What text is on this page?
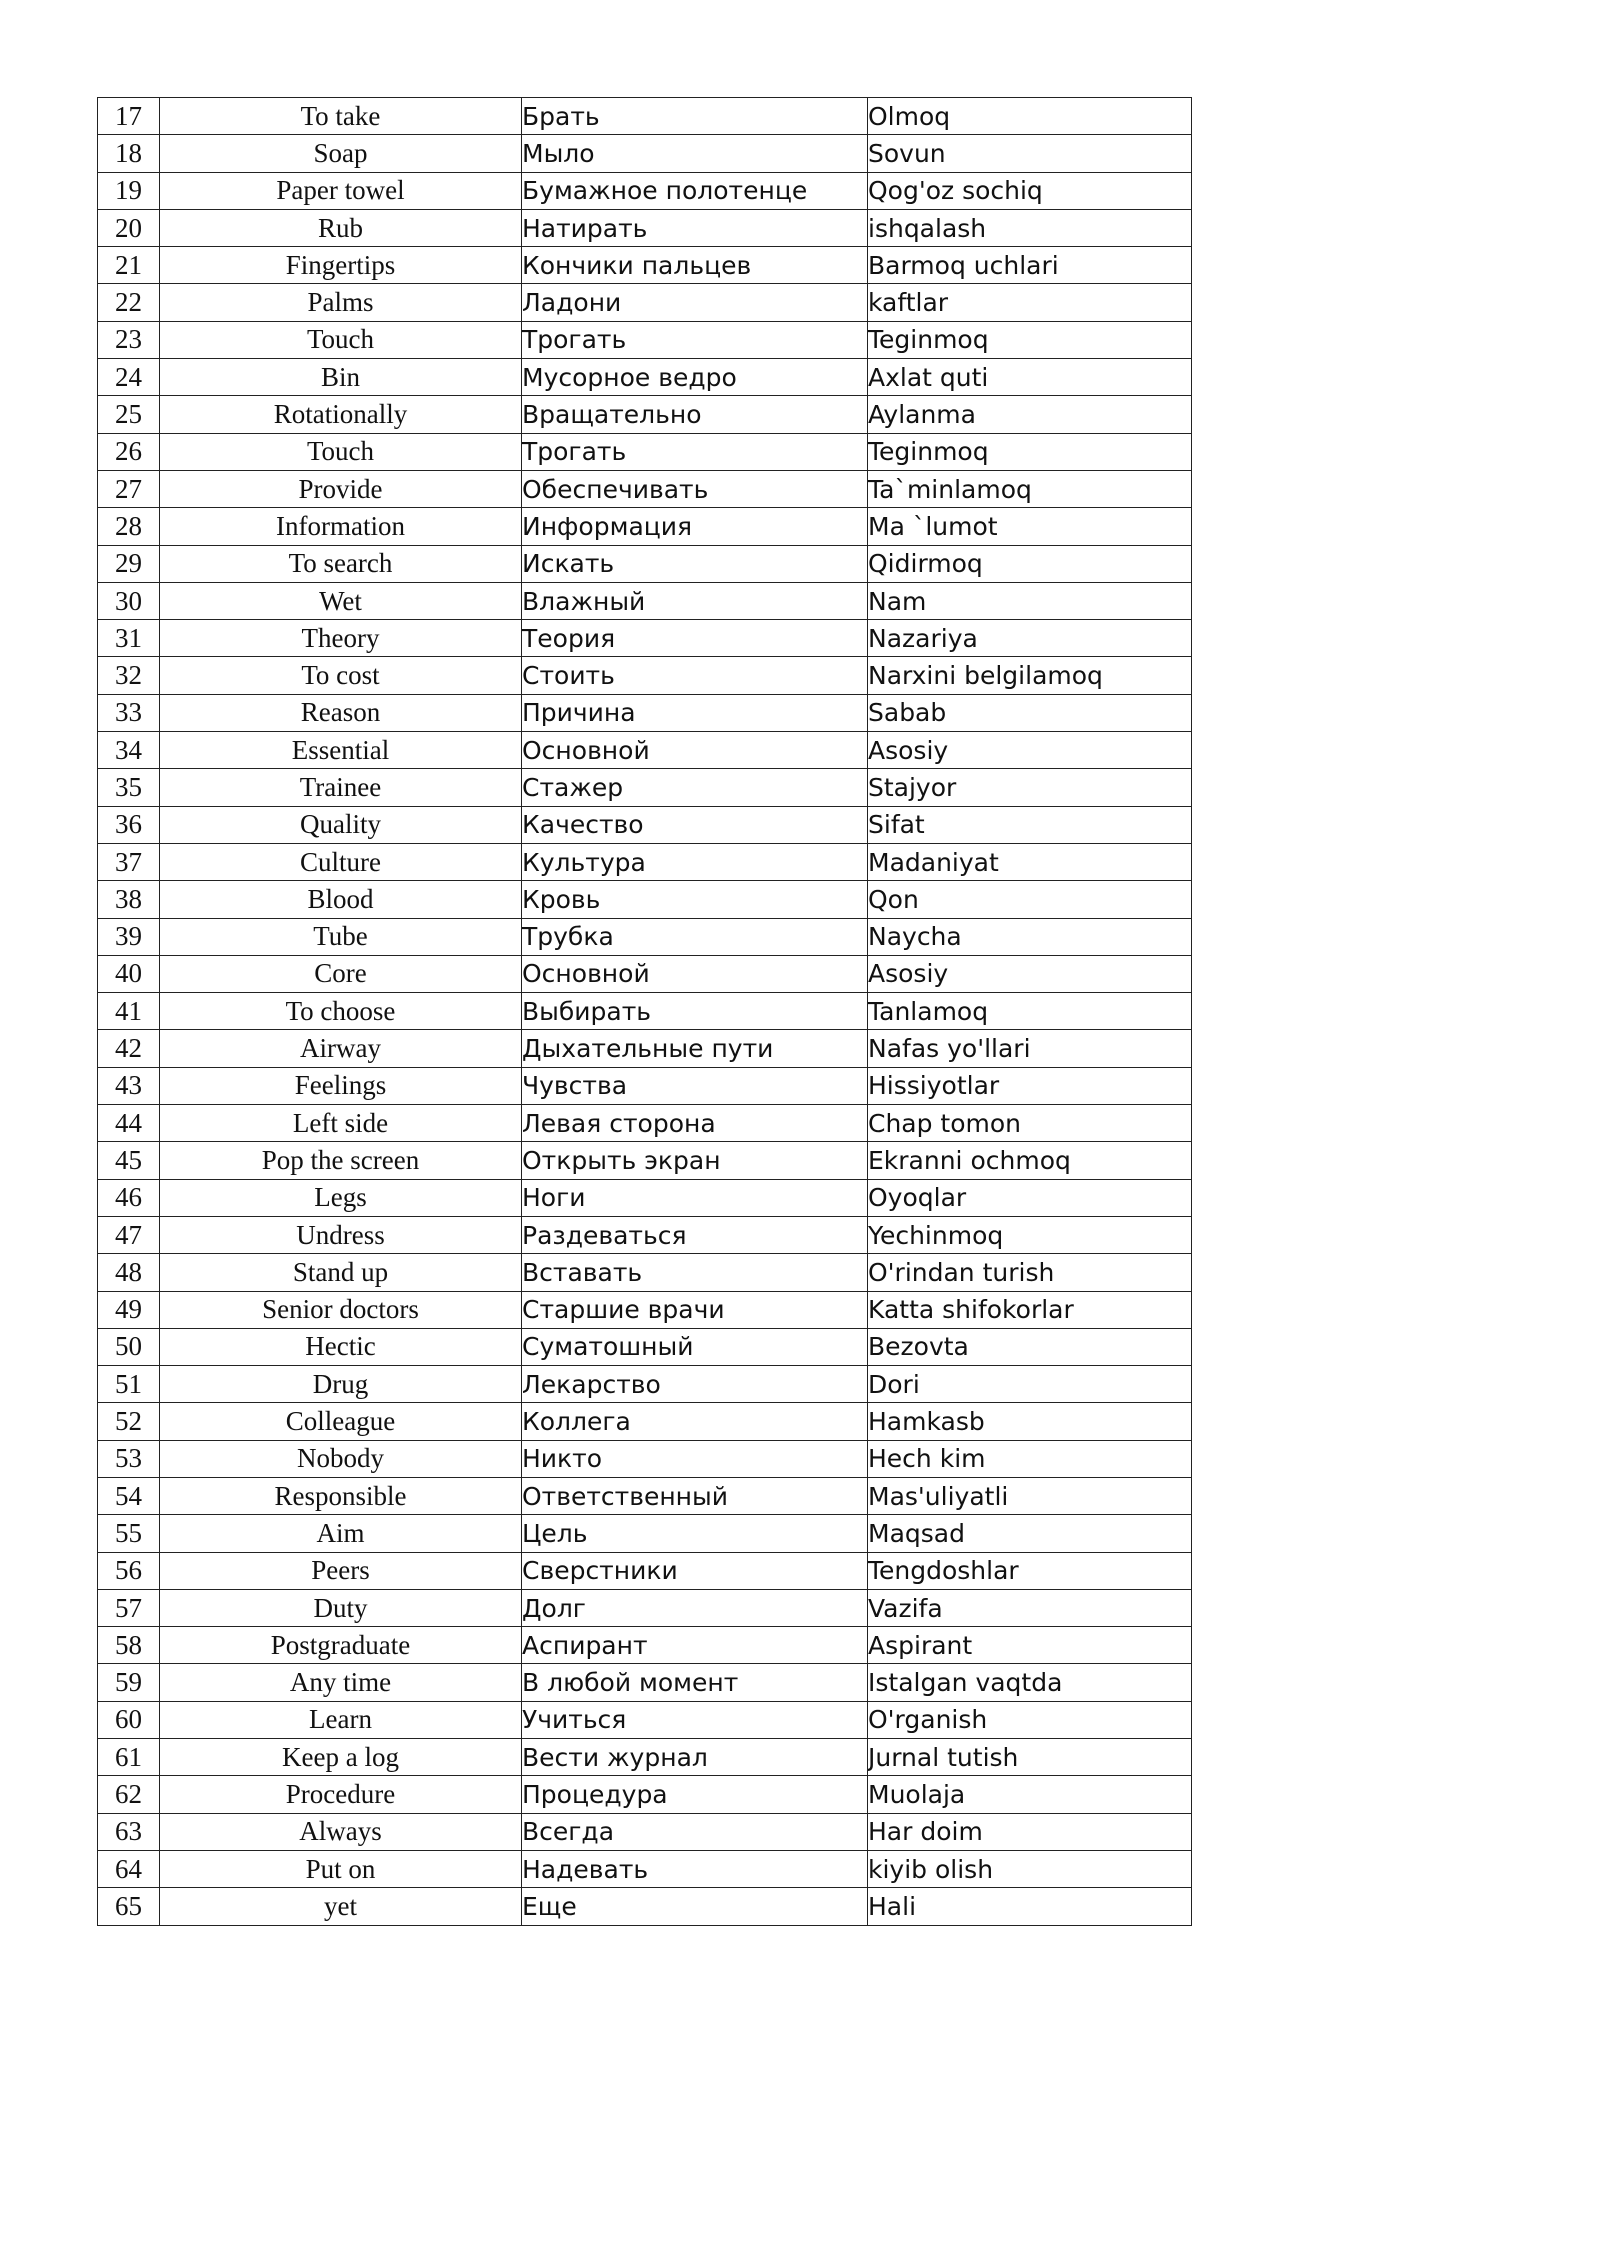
17	To take	Брать	Olmoq
18	Soap	Мыло	Sovun
19	Paper towel	Бумажное полотенце	Qog'oz sochiq
20	Rub	Натирать	ishqalash
21	Fingertips	Кончики пальцев	Barmoq uchlari
22	Palms	Ладони	kaftlar
23	Touch	Трогать	Teginmoq
24	Bin	Мусорное ведро	Axlat quti
25	Rotationally	Вращательно	Aylanma
26	Touch	Трогать	Teginmoq
27	Provide	Обеспечивать	Ta`minlamoq
28	Information	Информация	Ma `lumot
29	To search	Искать	Qidirmoq
30	Wet	Влажный	Nam
31	Theory	Теория	Nazariya
32	To cost	Стоить	Narxini belgilamoq
33	Reason	Причина	Sabab
34	Essential	Основной	Asosiy
35	Trainee	Стажер	Stajyor
36	Quality	Качество	Sifat
37	Culture	Культура	Madaniyat
38	Blood	Кровь	Qon
39	Tube	Трубка	Naycha
40	Core	Основной	Asosiy
41	To choose	Выбирать	Tanlamoq
42	Airway	Дыхательные пути	Nafas yo'llari
43	Feelings	Чувства	Hissiyotlar
44	Left side	Левая сторона	Chap tomon
45	Pop the screen	Открыть экран	Ekranni ochmoq
46	Legs	Ноги	Oyoqlar
47	Undress	Раздеваться	Yechinmoq
48	Stand up	Вставать	O'rindan turish
49	Senior doctors	Старшие врачи	Katta shifokorlar
50	Hectic	Суматошный	Bezovta
51	Drug	Лекарство	Dori
52	Colleague	Коллега	Hamkasb
53	Nobody	Никто	Hech kim
54	Responsible	Ответственный	Mas'uliyatli
55	Aim	Цель	Maqsad
56	Peers	Сверстники	Tengdoshlar
57	Duty	Долг	Vazifa
58	Postgraduate	Аспирант	Aspirant
59	Any time	В любой момент	Istalgan vaqtda
60	Learn	Учиться	O'rganish
61	Keep a log	Вести журнал	Jurnal tutish
62	Procedure	Процедура	Muolaja
63	Always	Всегда	Har doim
64	Put on	Надевать	kiyib olish
65	yet	Еще	Hali
